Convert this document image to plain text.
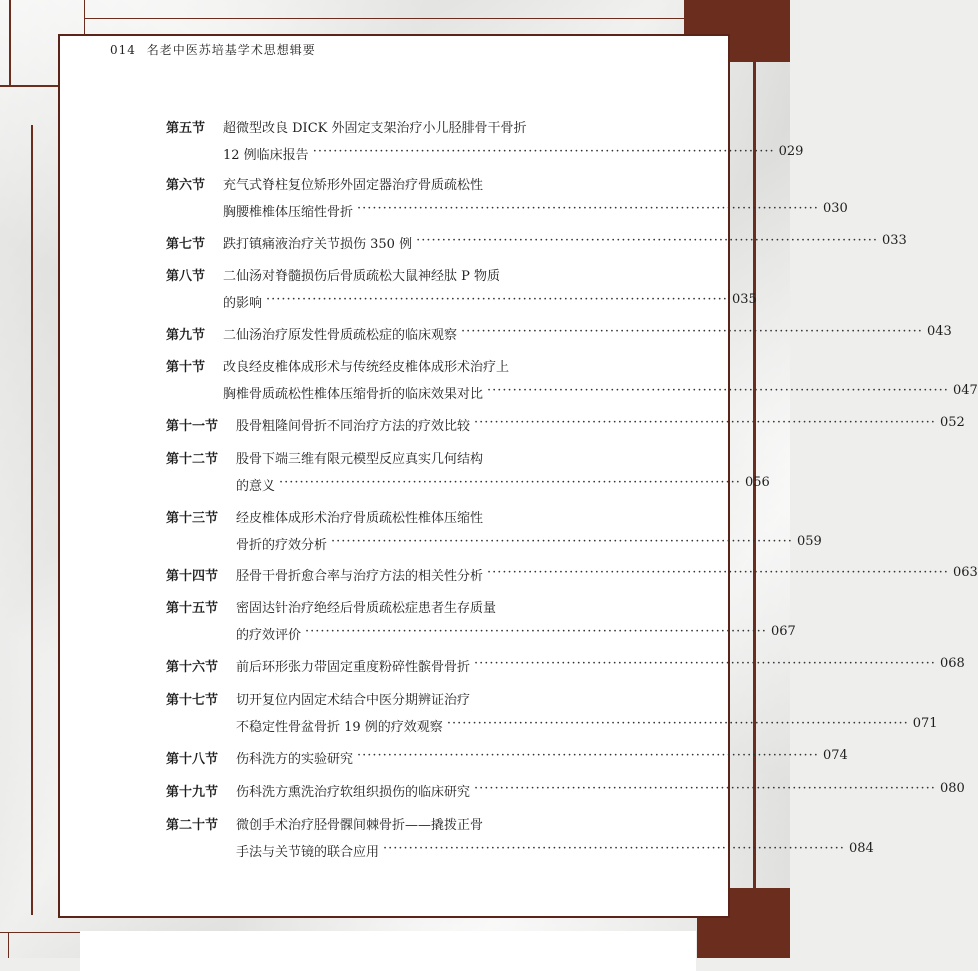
014 名老中医苏培基学术思想辑要
第五节 超微型改良 DICK 外固定支架治疗小儿胫腓骨干骨折
12 例临床报告 ·························································································· 029
第六节 充气式脊柱复位矫形外固定器治疗骨质疏松性
胸腰椎椎体压缩性骨折 ·························································································· 030
第七节 跌打镇痛液治疗关节损伤 350 例 ·························································································· 033
第八节 二仙汤对脊髓损伤后骨质疏松大鼠神经肽 P 物质
的影响 ·························································································· 035
第九节 二仙汤治疗原发性骨质疏松症的临床观察 ·························································································· 043
第十节 改良经皮椎体成形术与传统经皮椎体成形术治疗上
胸椎骨质疏松性椎体压缩骨折的临床效果对比 ·························································································· 047
第十一节 股骨粗隆间骨折不同治疗方法的疗效比较 ·························································································· 052
第十二节 股骨下端三维有限元模型反应真实几何结构
的意义 ·························································································· 056
第十三节 经皮椎体成形术治疗骨质疏松性椎体压缩性
骨折的疗效分析 ·························································································· 059
第十四节 胫骨干骨折愈合率与治疗方法的相关性分析 ·························································································· 063
第十五节 密固达针治疗绝经后骨质疏松症患者生存质量
的疗效评价 ·························································································· 067
第十六节 前后环形张力带固定重度粉碎性髌骨骨折 ·························································································· 068
第十七节 切开复位内固定术结合中医分期辨证治疗
不稳定性骨盆骨折 19 例的疗效观察 ·························································································· 071
第十八节 伤科洗方的实验研究 ·························································································· 074
第十九节 伤科洗方熏洗治疗软组织损伤的临床研究 ·························································································· 080
第二十节 微创手术治疗胫骨髁间棘骨折——撬拨正骨
手法与关节镜的联合应用 ·························································································· 084
